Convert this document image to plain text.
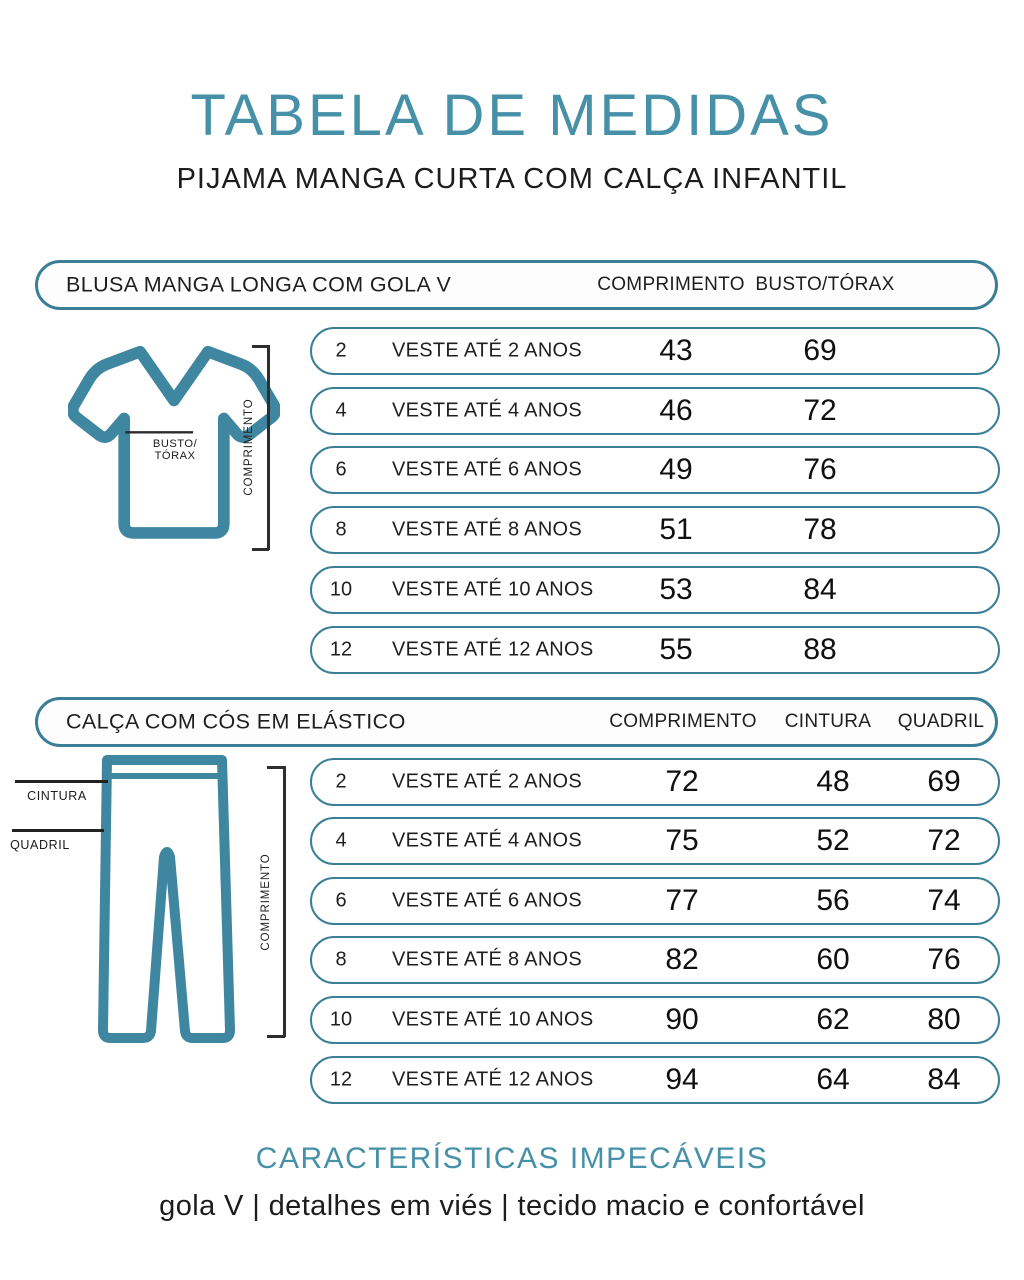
TABELA DE MEDIDAS
PIJAMA MANGA CURTA COM CALÇA INFANTIL
BLUSA MANGA LONGA COM GOLA V	COMPRIMENTO BUSTO/TÓRAX
BUSTO/
TÓRAX	COMPRIMENTO
2	VESTE ATÉ 2 ANOS	43	69
4	VESTE ATÉ 4 ANOS	46	72
6	VESTE ATÉ 6 ANOS	49	76
8	VESTE ATÉ 8 ANOS	51	78
10 VESTE ATÉ 10 ANOS 53	84
12 VESTE ATÉ 12 ANOS 55	88
CALÇA COM CÓS EM ELÁSTICO	COMPRIMENTO CINTURA QUADRIL
CINTURA
QUADRIL
COMPRIMENTO
2	VESTE ATÉ 2 ANOS	72	48	69
4	VESTE ATÉ 4 ANOS	75	52	72
6	VESTE ATÉ 6 ANOS	77	56	74
8	VESTE ATÉ 8 ANOS	82	60	76
10 VESTE ATÉ 10 ANOS 90	62	80
12 VESTE ATÉ 12 ANOS 94	64	84
CARACTERÍSTICAS IMPECÁVEIS
gola V | detalhes em viés | tecido macio e confortável
